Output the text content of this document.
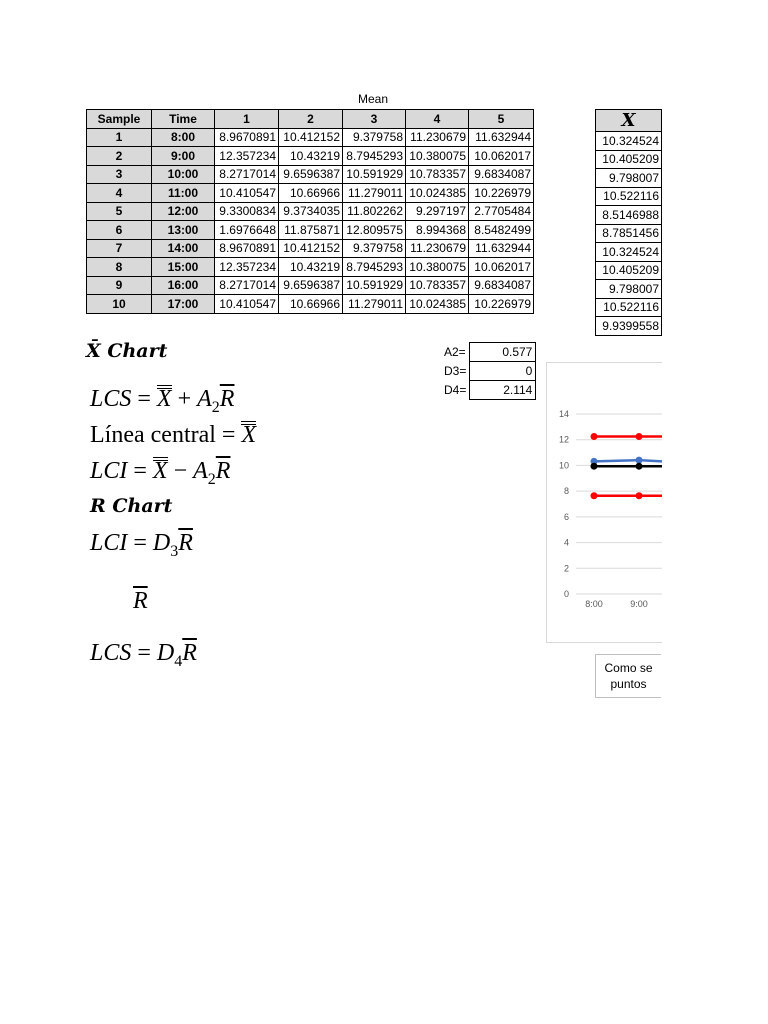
Mean
Sample	Time	1	2	3	4	5
1	8:00	8.9670891	10.412152	9.379758	11.230679	11.632944
2	9:00	12.357234	10.43219	8.7945293	10.380075	10.062017
3	10:00	8.2717014	9.6596387	10.591929	10.783357	9.6834087
4	11:00	10.410547	10.66966	11.279011	10.024385	10.226979
5	12:00	9.3300834	9.3734035	11.802262	9.297197	2.7705484
6	13:00	1.6976648	11.875871	12.809575	8.994368	8.5482499
7	14:00	8.9670891	10.412152	9.379758	11.230679	11.632944
8	15:00	12.357234	10.43219	8.7945293	10.380075	10.062017
9	16:00	8.2717014	9.6596387	10.591929	10.783357	9.6834087
10	17:00	10.410547	10.66966	11.279011	10.024385	10.226979
X
10.324524
10.405209
9.798007
10.522116
8.5146988
8.7851456
10.324524
10.405209
9.798007
10.522116
9.9399558
A2=	0.577
D3=	0
D4=	2.114
X̄ Chart
LCS = $X + A_2\overline{R}$
Línea central = X
LCI = $X - A_2\overline{R}$
R Chart
LCI = $D_3\overline{R}$
$\overline{R}$
LCS = $D_4\overline{R}$
0
2
4
6
8
10
12
14
8:00	9:00
Como se
puntos
